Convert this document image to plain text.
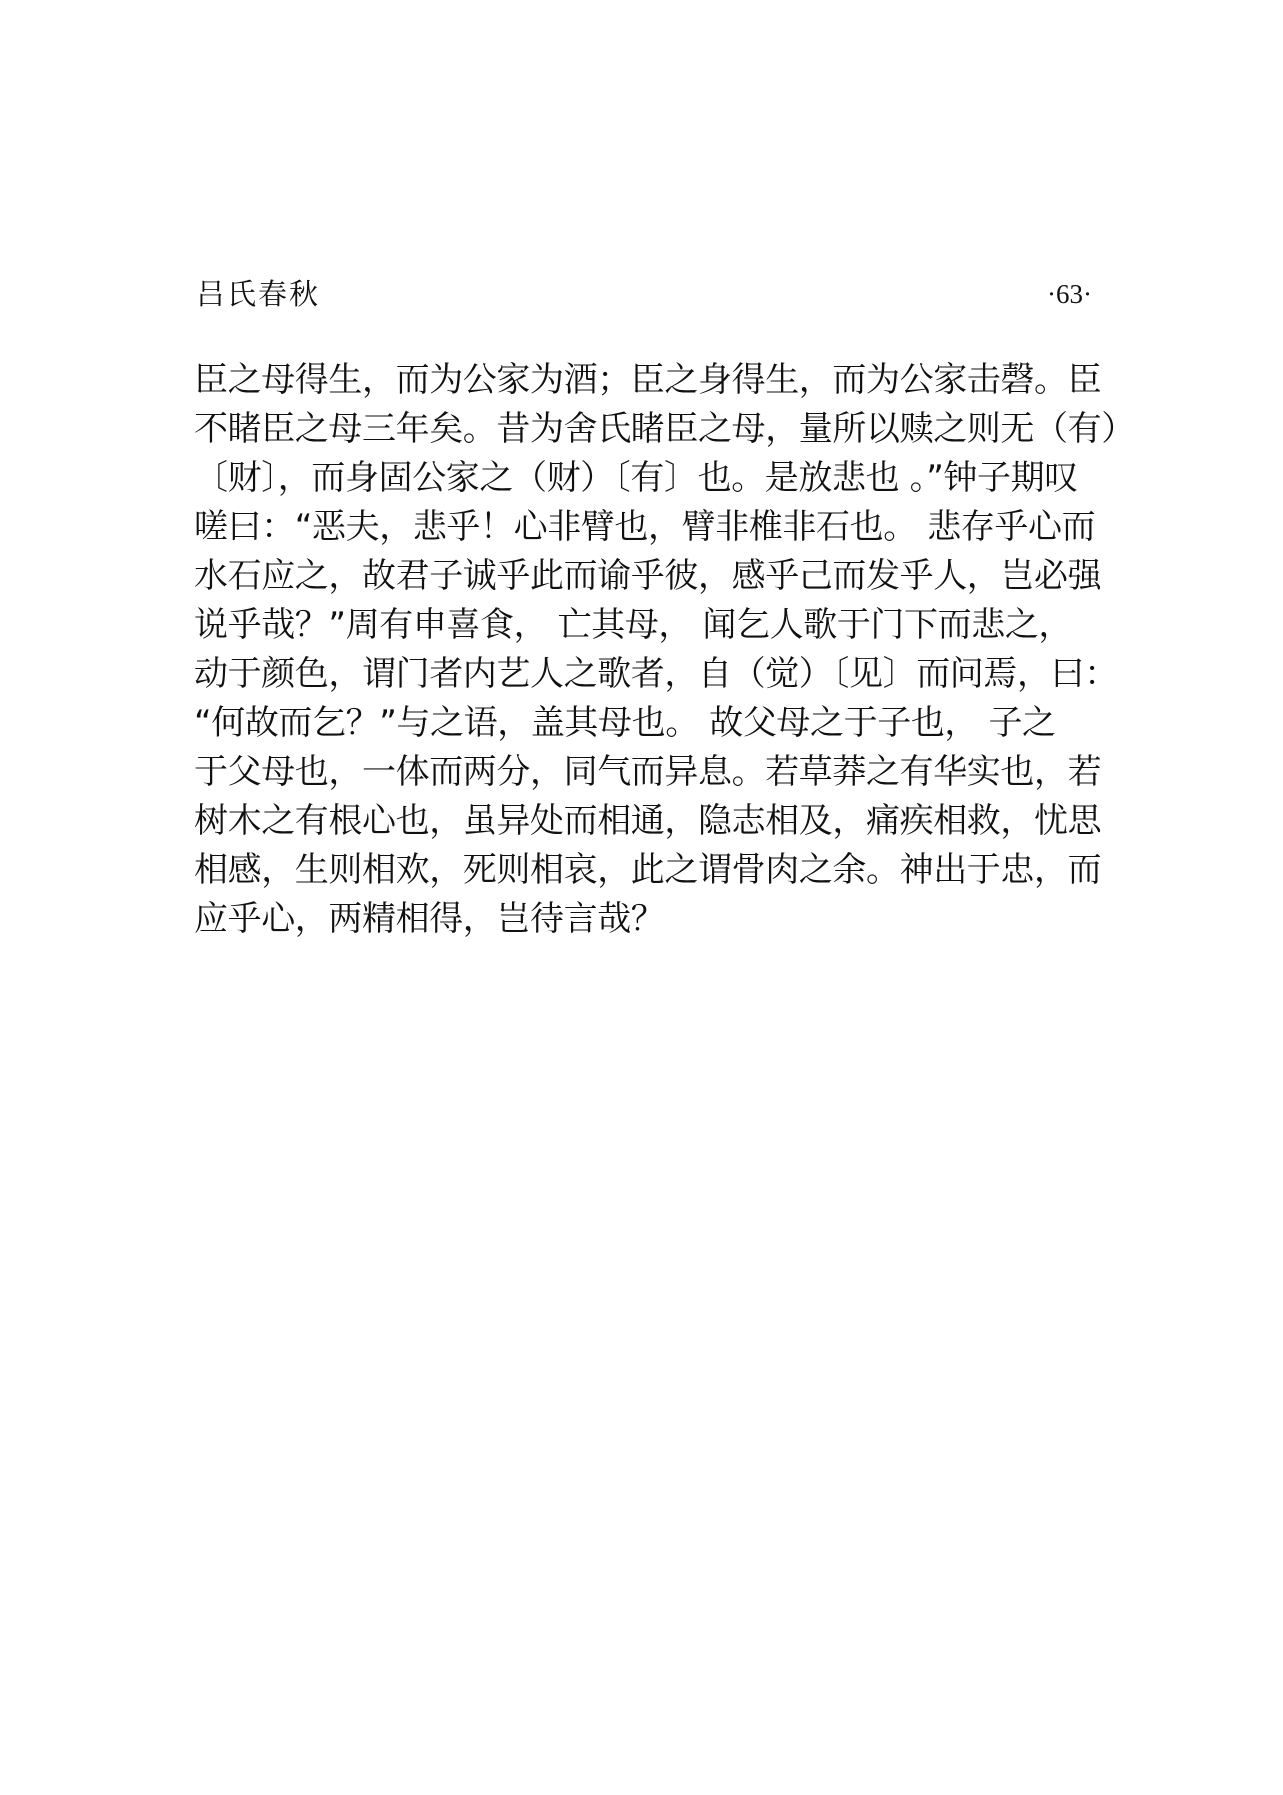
吕氏春秋	·63·
臣之母得生，而为公家为酒；臣之身得生，而为公家击磬。臣
不睹臣之母三年矣。昔为舍氏睹臣之母，量所以赎之则无（有）
〔财〕，而身固公家之（财）〔有〕也。是放悲也 。”钟子期叹
嗟曰：“恶夫，悲乎！心非臂也，臂非椎非石也。 悲存乎心而
水石应之，故君子诚乎此而谕乎彼，感乎己而发乎人，岂必强
说乎哉？”周有申喜食， 亡其母， 闻乞人歌于门下而悲之，
动于颜色，谓门者内艺人之歌者，自（觉）〔见〕而问焉，曰：
“何故而乞？”与之语，盖其母也。 故父母之于子也， 子之
于父母也，一体而两分，同气而异息。若草莽之有华实也，若
树木之有根心也，虽异处而相通，隐志相及，痛疾相救，忧思
相感，生则相欢，死则相哀，此之谓骨肉之余。神出于忠，而
应乎心，两精相得，岂待言哉？
